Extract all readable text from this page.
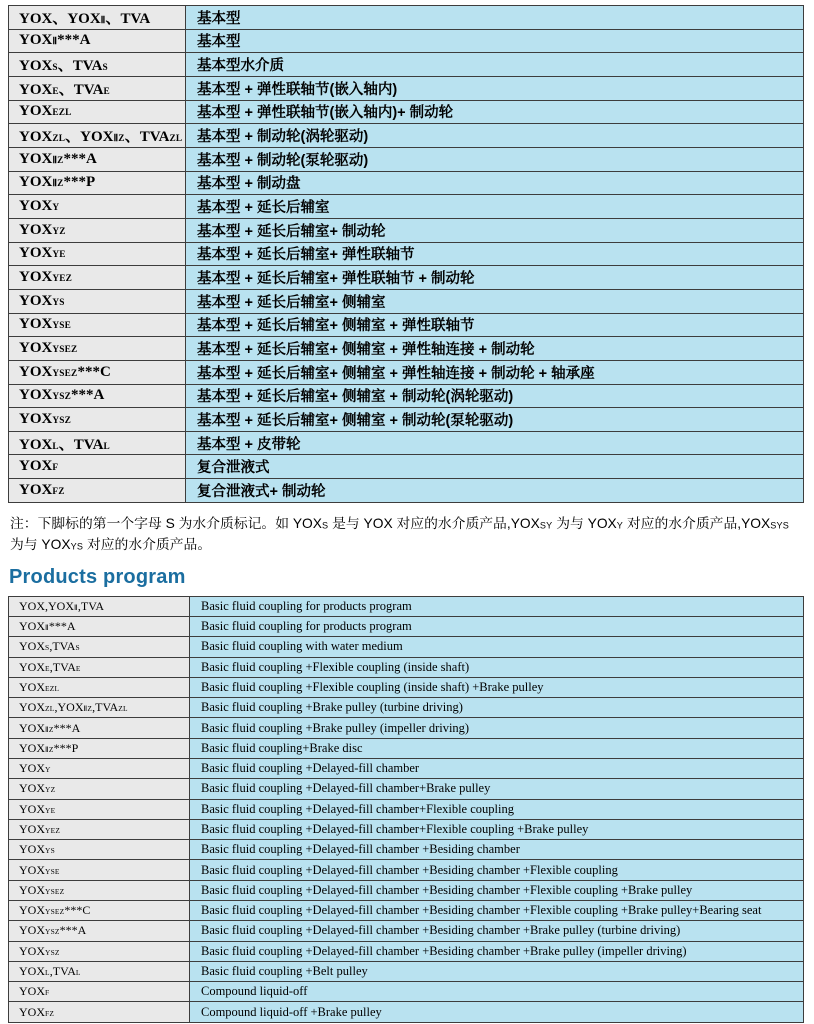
YOX、YOXⅡ、TVA	基本型
YOXⅡ***A	基本型
YOXS、TVAS	基本型水介质
YOXE、TVAE	基本型 + 弹性联轴节(嵌入轴内)
YOXEZL	基本型 + 弹性联轴节(嵌入轴内)+ 制动轮
YOXZL、YOXⅡZ、TVAZL	基本型 + 制动轮(涡轮驱动)
YOXⅡZ***A	基本型 + 制动轮(泵轮驱动)
YOXⅡZ***P	基本型 + 制动盘
YOXY	基本型 + 延长后辅室
YOXYZ	基本型 + 延长后辅室+ 制动轮
YOXYE	基本型 + 延长后辅室+ 弹性联轴节
YOXYEZ	基本型 + 延长后辅室+ 弹性联轴节 + 制动轮
YOXYS	基本型 + 延长后辅室+ 侧辅室
YOXYSE	基本型 + 延长后辅室+ 侧辅室 + 弹性联轴节
YOXYSEZ	基本型 + 延长后辅室+ 侧辅室 + 弹性轴连接 + 制动轮
YOXYSEZ***C	基本型 + 延长后辅室+ 侧辅室 + 弹性轴连接 + 制动轮 + 轴承座
YOXYSZ***A	基本型 + 延长后辅室+ 侧辅室 + 制动轮(涡轮驱动)
YOXYSZ	基本型 + 延长后辅室+ 侧辅室 + 制动轮(泵轮驱动)
YOXL、TVAL	基本型 + 皮带轮
YOXF	复合泄液式
YOXFZ	复合泄液式+ 制动轮

注：下脚标的第一个字母 S 为水介质标记。如 YOXS 是与 YOX 对应的水介质产品,YOXSY 为与 YOXY 对应的水介质产品,YOXSYS 为与 YOXYS 对应的水介质产品。

Products program
YOX,YOXⅡ,TVA	Basic fluid coupling for products program
YOXⅡ***A	Basic fluid coupling for products program
YOXS,TVAS	Basic fluid coupling with water medium
YOXE,TVAE	Basic fluid coupling +Flexible coupling (inside shaft)
YOXEZL	Basic fluid coupling +Flexible coupling (inside shaft) +Brake pulley
YOXZL,YOXⅡZ,TVAZL	Basic fluid coupling +Brake pulley (turbine driving)
YOXⅡZ***A	Basic fluid coupling +Brake pulley (impeller driving)
YOXⅡZ***P	Basic fluid coupling+Brake disc
YOXY	Basic fluid coupling +Delayed-fill chamber
YOXYZ	Basic fluid coupling +Delayed-fill chamber+Brake pulley
YOXYE	Basic fluid coupling +Delayed-fill chamber+Flexible coupling
YOXYEZ	Basic fluid coupling +Delayed-fill chamber+Flexible coupling +Brake pulley
YOXYS	Basic fluid coupling +Delayed-fill chamber +Besiding chamber
YOXYSE	Basic fluid coupling +Delayed-fill chamber +Besiding chamber +Flexible coupling
YOXYSEZ	Basic fluid coupling +Delayed-fill chamber +Besiding chamber +Flexible coupling +Brake pulley
YOXYSEZ***C	Basic fluid coupling +Delayed-fill chamber +Besiding chamber +Flexible coupling +Brake pulley+Bearing seat
YOXYSZ***A	Basic fluid coupling +Delayed-fill chamber +Besiding chamber +Brake pulley (turbine driving)
YOXYSZ	Basic fluid coupling +Delayed-fill chamber +Besiding chamber +Brake pulley (impeller driving)
YOXL,TVAL	Basic fluid coupling +Belt pulley
YOXF	Compound liquid-off
YOXFZ	Compound liquid-off +Brake pulley
